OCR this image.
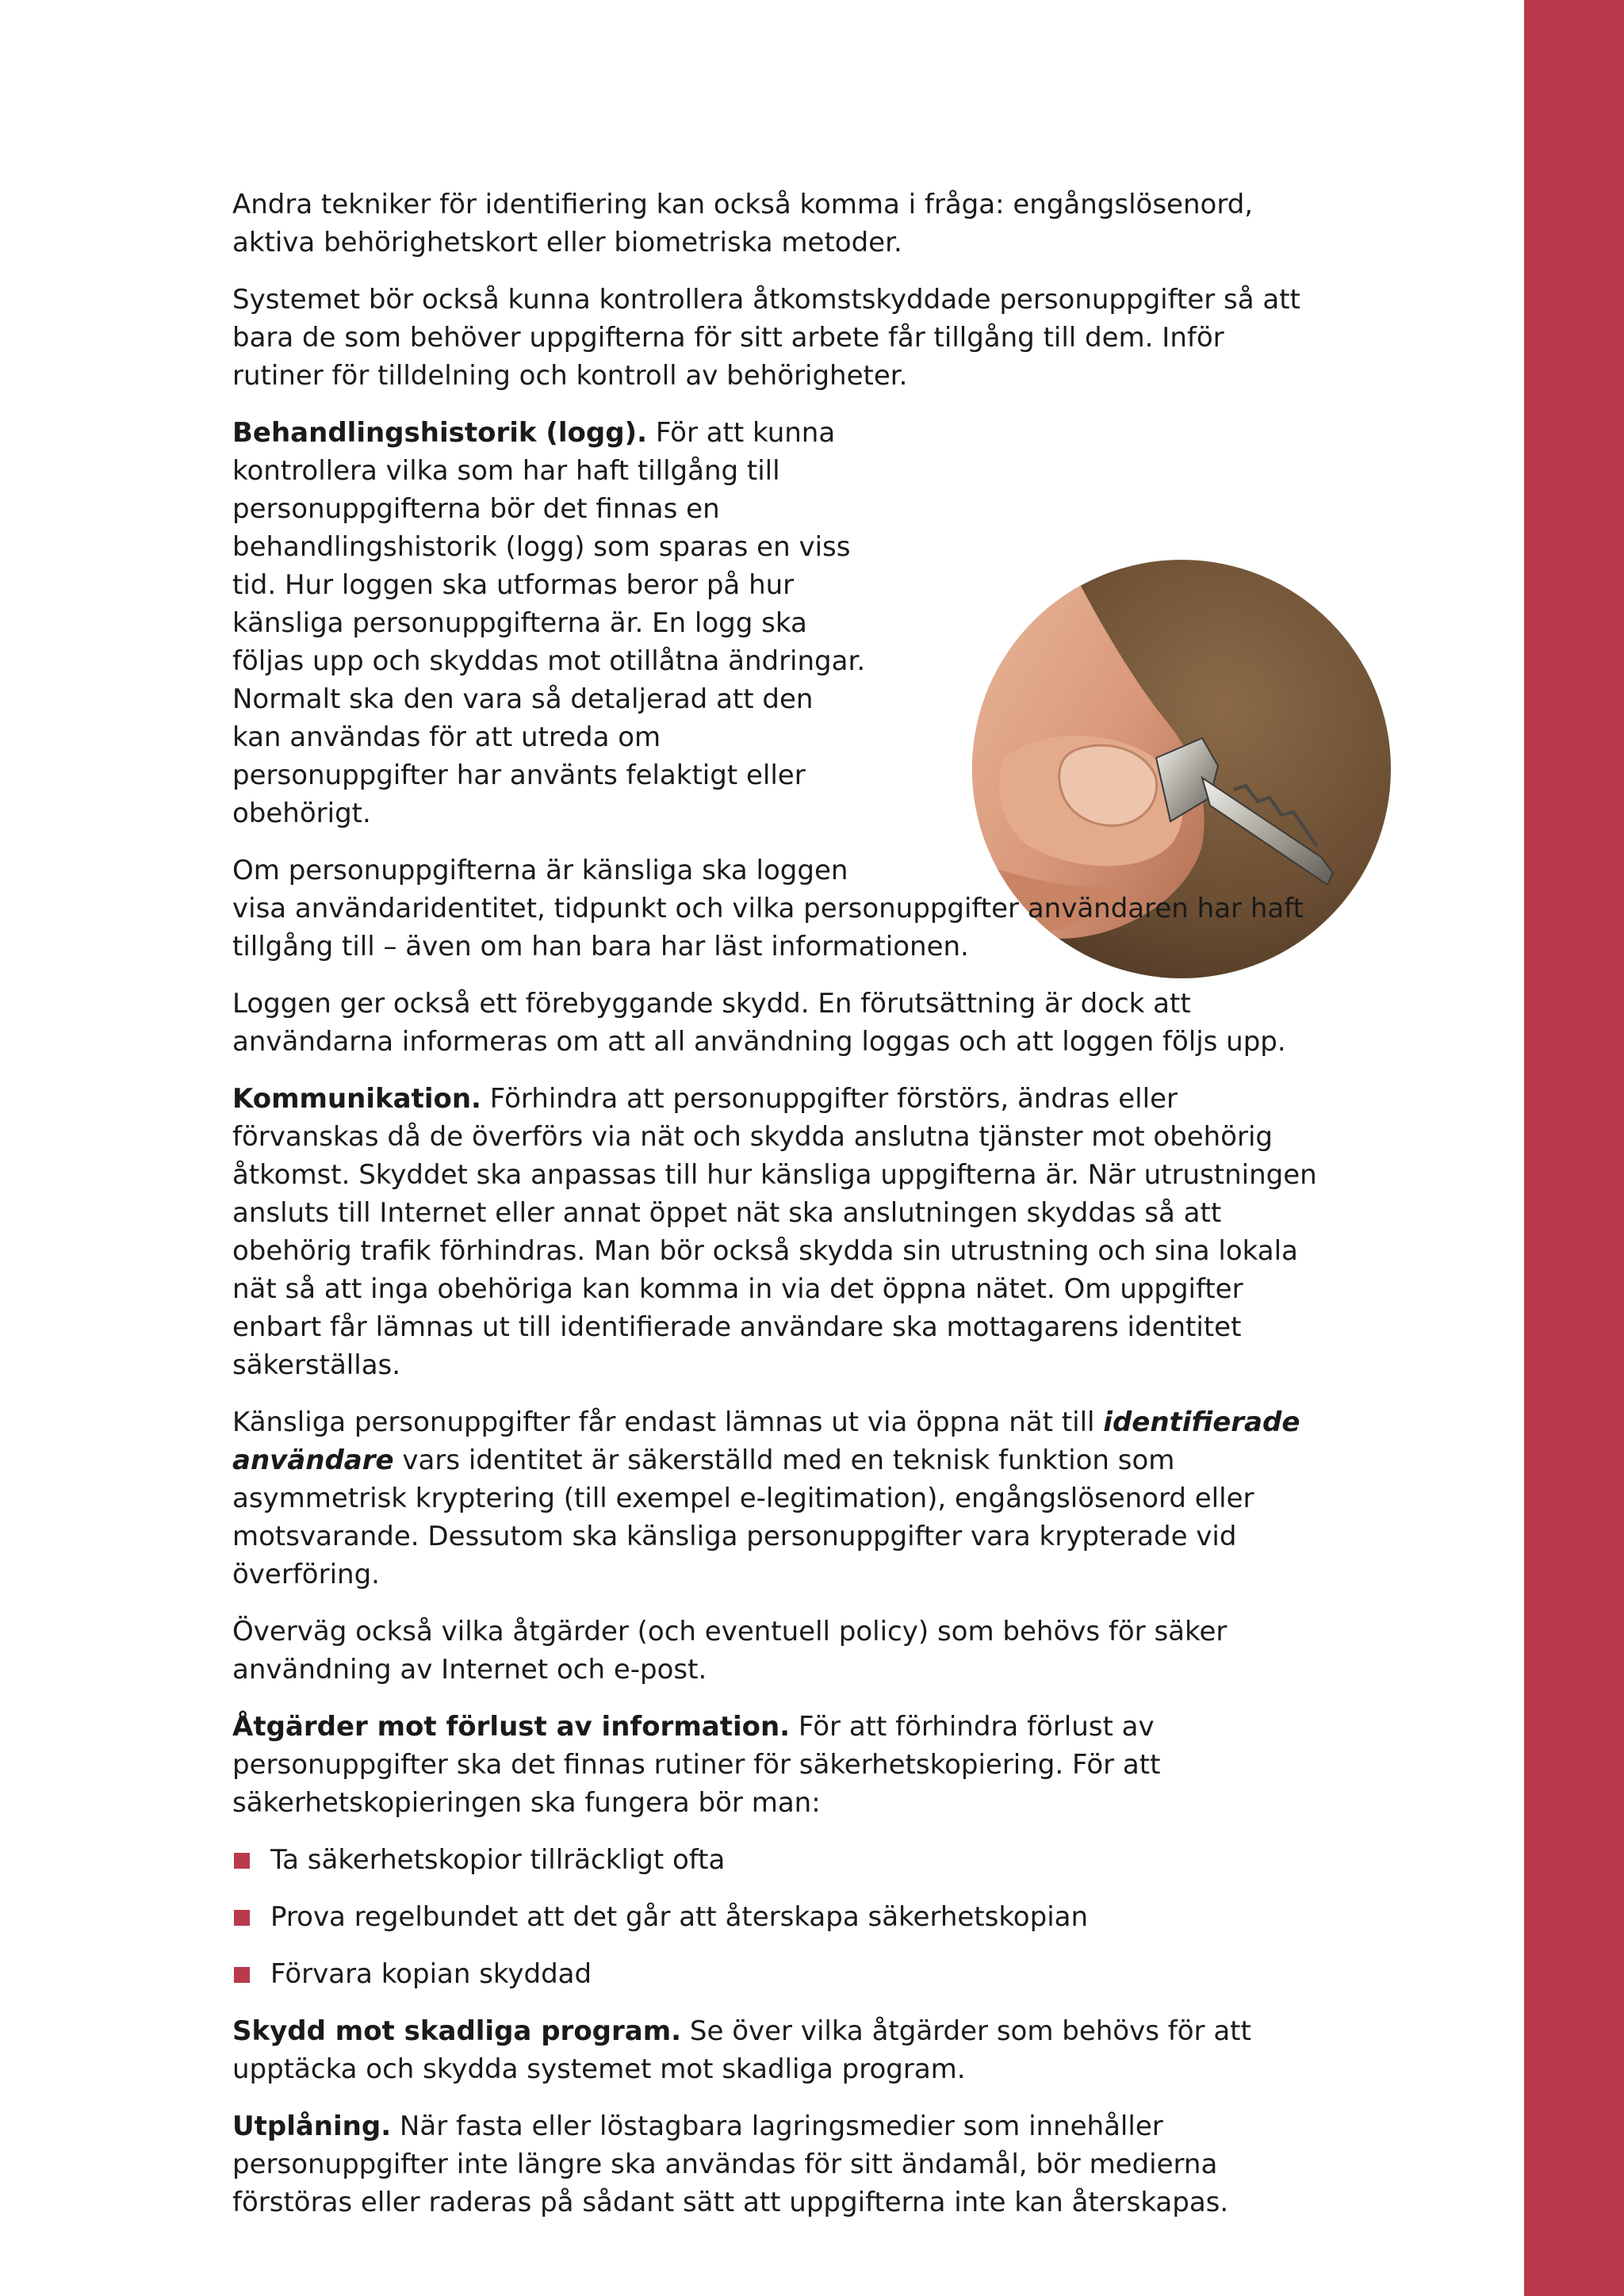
Andra tekniker för identifiering kan också komma i fråga: engångslösenord, aktiva behörighetskort eller biometriska metoder.

Systemet bör också kunna kontrollera åtkomstskyddade personuppgifter så att bara de som behöver uppgifterna för sitt arbete får tillgång till dem. Inför rutiner för tilldelning och kontroll av behörigheter.

Behandlingshistorik (logg).
För att kunna kontrollera vilka som har haft tillgång till personuppgifterna bör det finnas en behandlingshistorik (logg) som sparas en viss tid. Hur loggen ska utformas beror på hur känsliga personuppgifterna är. En logg ska följas upp och skyddas mot otillåtna ändringar. Normalt ska den vara så detaljerad att den kan användas för att utreda om personuppgifter har använts felaktigt eller obehörigt.

Om personuppgifterna är känsliga ska loggen visa användaridentitet, tidpunkt och vilka personuppgifter användaren har haft tillgång till – även om han bara har läst informationen.

Loggen ger också ett förebyggande skydd. En förutsättning är dock att användarna informeras om att all användning loggas och att loggen följs upp.

Kommunikation. Förhindra att personuppgifter förstörs, ändras eller förvanskas då de överförs via nät och skydda anslutna tjänster mot obehörig åtkomst. Skyddet ska anpassas till hur känsliga uppgifterna är. När utrustningen ansluts till Internet eller annat öppet nät ska anslutningen skyddas så att obehörig trafik förhindras. Man bör också skydda sin utrustning och sina lokala nät så att inga obehöriga kan komma in via det öppna nätet. Om uppgifter enbart får lämnas ut till identifierade användare ska mottagarens identitet säkerställas.

Känsliga personuppgifter får endast lämnas ut via öppna nät till identifierade användare vars identitet är säkerställd med en teknisk funktion som asymmetrisk kryptering (till exempel e-legitimation), engångslösenord eller motsvarande. Dessutom ska känsliga personuppgifter vara krypterade vid överföring.

Överväg också vilka åtgärder (och eventuell policy) som behövs för säker användning av Internet och e-post.

Åtgärder mot förlust av information. För att förhindra förlust av personuppgifter ska det finnas rutiner för säkerhetskopiering. För att säkerhetskopieringen ska fungera bör man:

Ta säkerhetskopior tillräckligt ofta
Prova regelbundet att det går att återskapa säkerhetskopian
Förvara kopian skyddad

Skydd mot skadliga program. Se över vilka åtgärder som behövs för att upptäcka och skydda systemet mot skadliga program.

Utplåning. När fasta eller löstagbara lagringsmedier som innehåller personuppgifter inte längre ska användas för sitt ändamål, bör medierna förstöras eller raderas på sådant sätt att uppgifterna inte kan återskapas.
